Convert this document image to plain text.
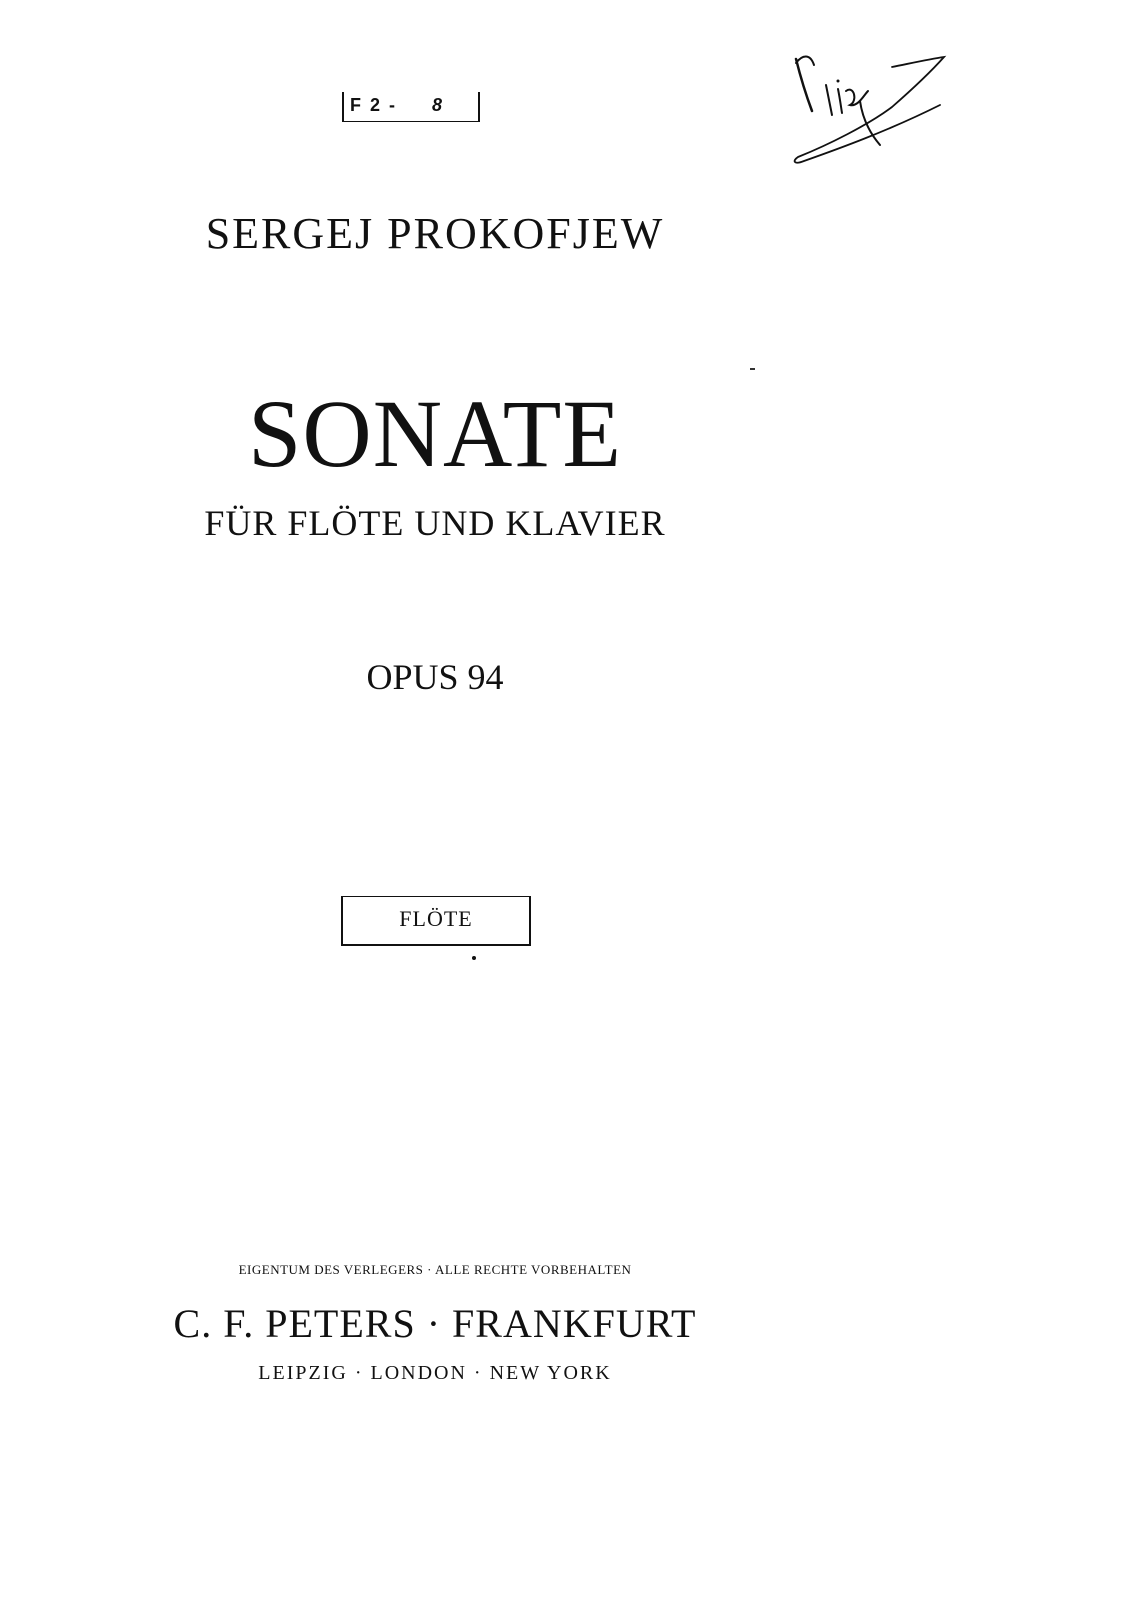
F 2 - 8
SERGEJ PROKOFJEW
SONATE
FÜR FLÖTE UND KLAVIER
OPUS 94
FLÖTE
EIGENTUM DES VERLEGERS · ALLE RECHTE VORBEHALTEN
C. F. PETERS · FRANKFURT
LEIPZIG · LONDON · NEW YORK
